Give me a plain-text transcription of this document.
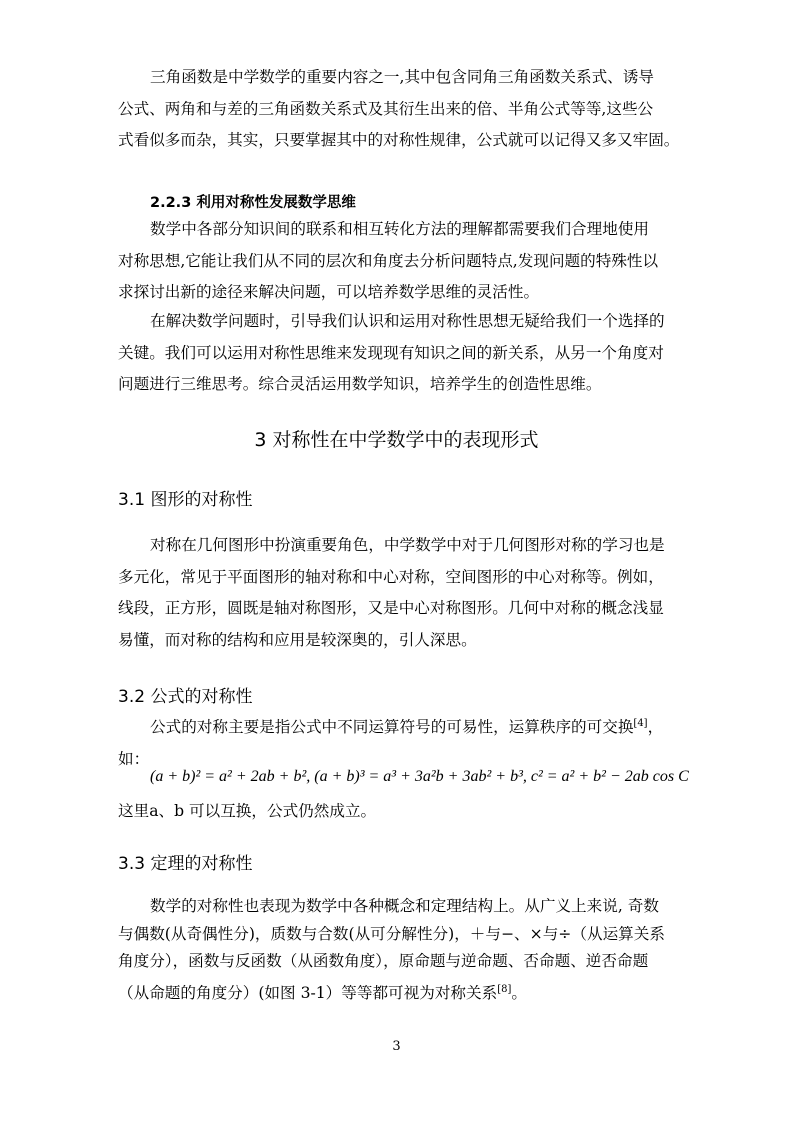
三角函数是中学数学的重要内容之一,其中包含同角三角函数关系式、诱导
公式、两角和与差的三角函数关系式及其衍生出来的倍、半角公式等等,这些公
式看似多而杂，其实，只要掌握其中的对称性规律，公式就可以记得又多又牢固。
2.2.3 利用对称性发展数学思维
数学中各部分知识间的联系和相互转化方法的理解都需要我们合理地使用
对称思想,它能让我们从不同的层次和角度去分析问题特点,发现问题的特殊性以
求探讨出新的途径来解决问题，可以培养数学思维的灵活性。
在解决数学问题时，引导我们认识和运用对称性思想无疑给我们一个选择的
关键。我们可以运用对称性思维来发现现有知识之间的新关系，从另一个角度对
问题进行三维思考。综合灵活运用数学知识，培养学生的创造性思维。
3 对称性在中学数学中的表现形式
3.1 图形的对称性
对称在几何图形中扮演重要角色，中学数学中对于几何图形对称的学习也是
多元化，常见于平面图形的轴对称和中心对称，空间图形的中心对称等。例如，
线段，正方形，圆既是轴对称图形，又是中心对称图形。几何中对称的概念浅显
易懂，而对称的结构和应用是较深奥的，引人深思。
3.2 公式的对称性
公式的对称主要是指公式中不同运算符号的可易性，运算秩序的可交换[4]，
如：
(a + b)² = a² + 2ab + b², (a + b)³ = a³ + 3a²b + 3ab² + b³, c² = a² + b² − 2ab cos C
这里a、b 可以互换，公式仍然成立。
3.3 定理的对称性
数学的对称性也表现为数学中各种概念和定理结构上。从广义上来说, 奇数
与偶数(从奇偶性分)，质数与合数(从可分解性分)，＋与−、×与÷（从运算关系
角度分），函数与反函数（从函数角度），原命题与逆命题、否命题、逆否命题
（从命题的角度分）(如图 3-1）等等都可视为对称关系[8]。
3
